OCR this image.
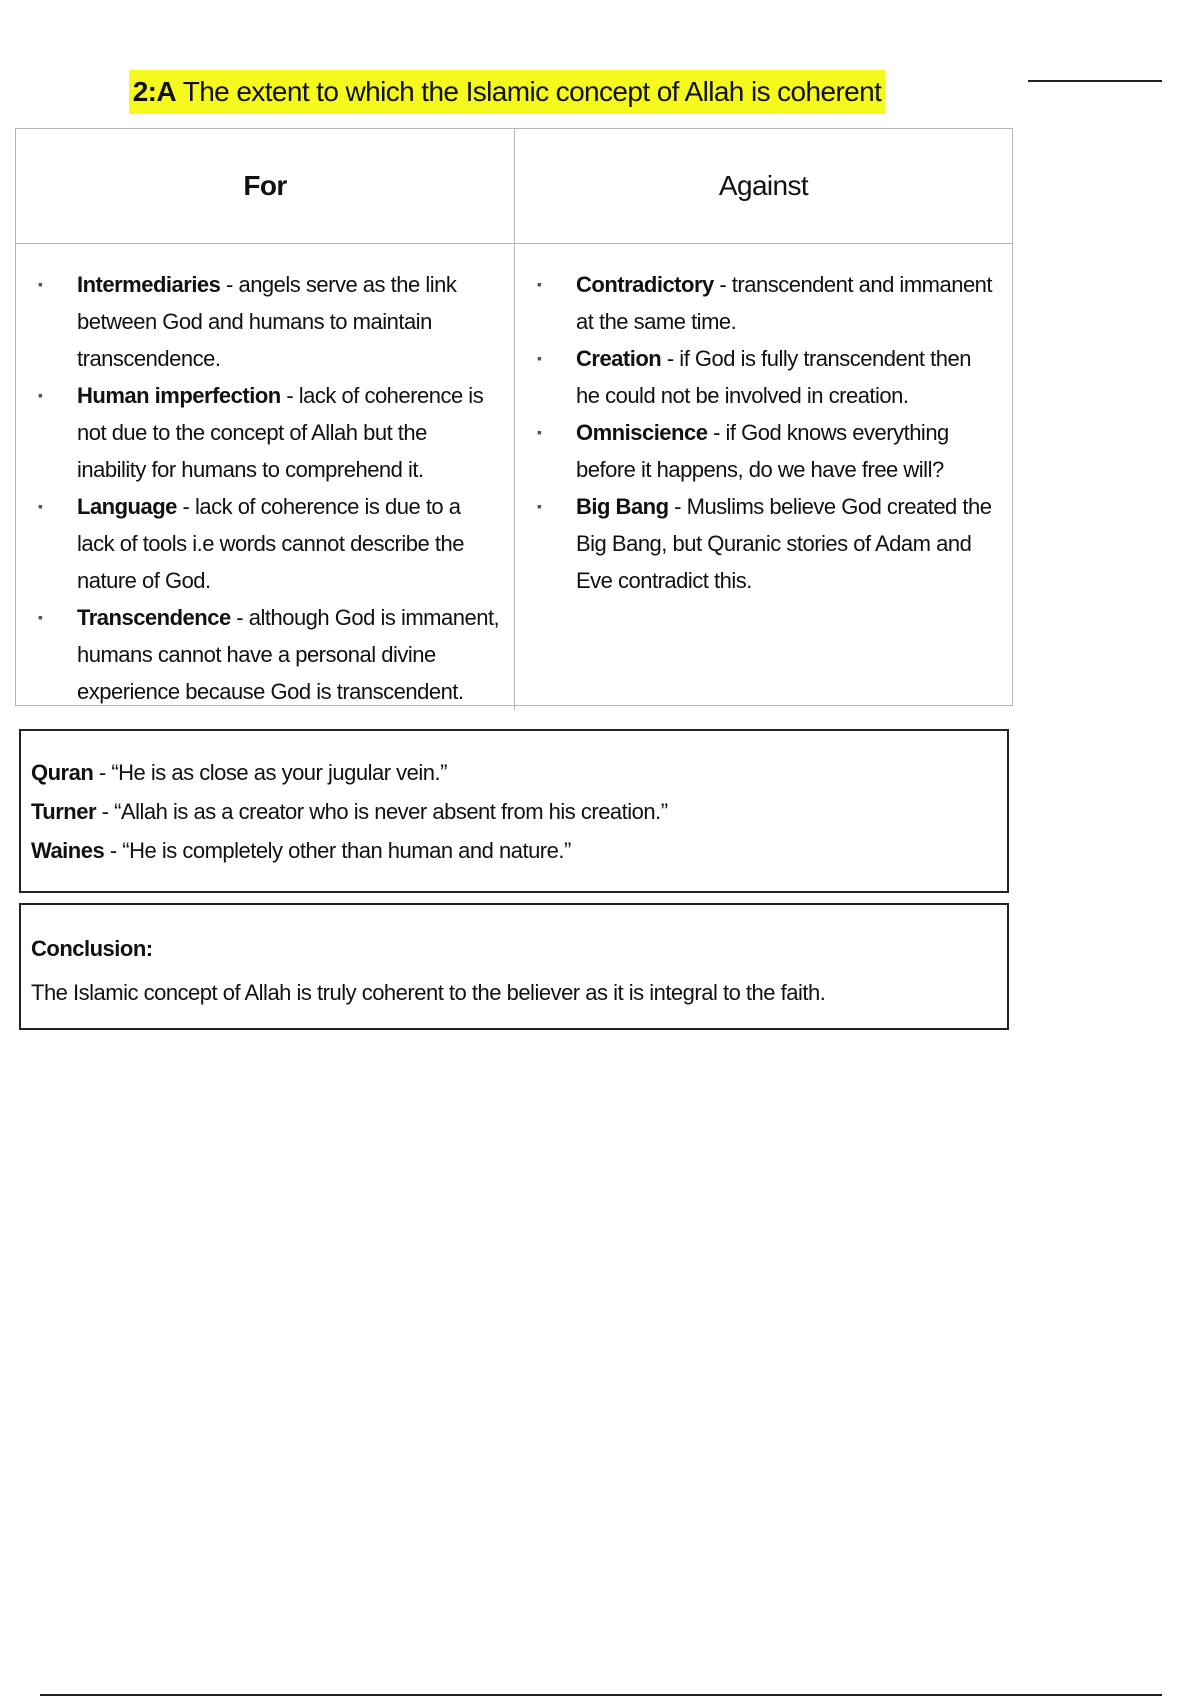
2:A The extent to which the Islamic concept of Allah is coherent
For	Against
▪ Intermediaries - angels serve as the link between God and humans to maintain transcendence.
▪ Human imperfection - lack of coherence is not due to the concept of Allah but the inability for humans to comprehend it.
▪ Language - lack of coherence is due to a lack of tools i.e words cannot describe the nature of God.
▪ Transcendence - although God is immanent, humans cannot have a personal divine experience because God is transcendent.
▪ Contradictory - transcendent and immanent at the same time.
▪ Creation - if God is fully transcendent then he could not be involved in creation.
▪ Omniscience - if God knows everything before it happens, do we have free will?
▪ Big Bang - Muslims believe God created the Big Bang, but Quranic stories of Adam and Eve contradict this.

Quran - “He is as close as your jugular vein.”

Turner - “Allah is as a creator who is never absent from his creation.”

Waines - “He is completely other than human and nature.”

Conclusion:

The Islamic concept of Allah is truly coherent to the believer as it is integral to the faith.
